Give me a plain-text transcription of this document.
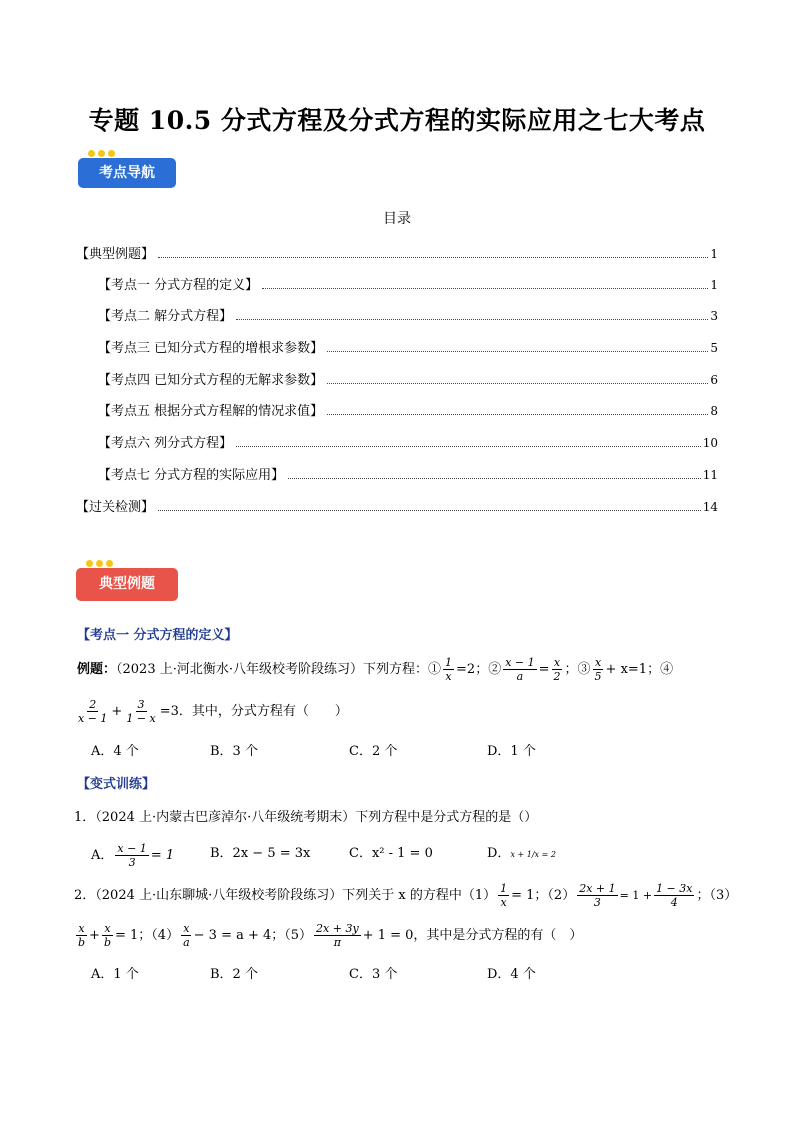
专题 10.5 分式方程及分式方程的实际应用之七大考点
考点导航
目录
【典型例题】	1
【考点一 分式方程的定义】	1
【考点二 解分式方程】	3
【考点三 已知分式方程的增根求参数】	5
【考点四 已知分式方程的无解求参数】	6
【考点五 根据分式方程解的情况求值】	8
【考点六 列分式方程】	10
【考点七 分式方程的实际应用】	11
【过关检测】	14
典型例题
【考点一 分式方程的定义】
例题：（2023 上·河北衡水·八年级校考阶段练习）下列方程：① $\frac{1}{x} =2$；② $\frac{x - 1}{a} = \frac{x}{2}$ ；③ $\frac{x}{5} + x=1$；④
$\frac{2}{x - 1} + \frac{3}{1 - x} =3$．其中，分式方程有（　　）
A．4 个	B．3 个	C．2 个	D．1 个
【变式训练】
1．（2024 上·内蒙古巴彦淖尔·八年级统考期末）下列方程中是分式方程的是（）
A． $\frac{x - 1}{3} = 1$	B．2x − 5 = 3x	C．x² - 1 = 0	D．x + 1/x = 2
2．（2024 上·山东聊城·八年级校考阶段练习）下列关于 x 的方程中$(1) \frac{1}{x} = 1$；$(2) \frac{2x + 1}{3} = 1 + \frac{1 - 3x}{4}$ ；（3）
$\frac{x}{b} + \frac{x}{b} = 1$；$(4) \frac{x}{a} - 3 = a + 4$；$(5) \frac{2x + 3y}{\pi} + 1 = 0$，其中是分式方程的有（　）
A．1 个	B．2 个	C．3 个	D．4 个
